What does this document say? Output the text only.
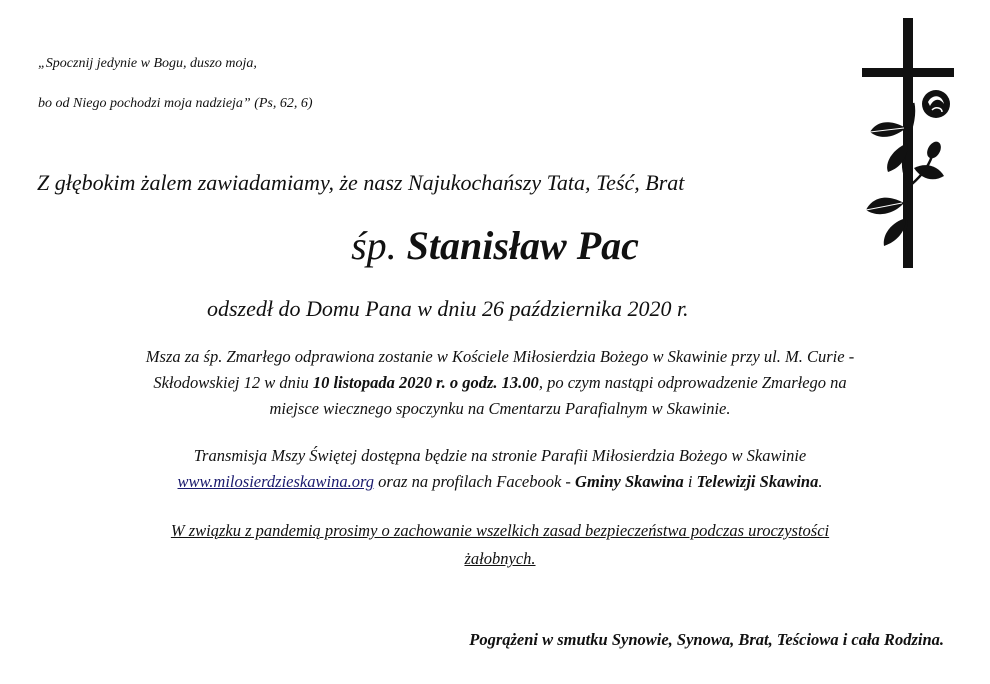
„Spocznij jedynie w Bogu, duszo moja,
bo od Niego pochodzi moja nadzieja” (Ps, 62, 6)
Z głębokim żalem zawiadamiamy, że nasz Najukochańszy Tata, Teść, Brat
śp. Stanisław Pac
odszedł do Domu Pana w dniu 26 października 2020 r.
Msza za śp. Zmarłego odprawiona zostanie w Kościele Miłosierdzia Bożego w Skawinie przy ul. M. Curie -
Skłodowskiej 12 w dniu 10 listopada 2020 r. o godz. 13.00, po czym nastąpi odprowadzenie Zmarłego na
miejsce wiecznego spoczynku na Cmentarzu Parafialnym w Skawinie.
Transmisja Mszy Świętej dostępna będzie na stronie Parafii Miłosierdzia Bożego w Skawinie
www.milosierdzieskawina.org oraz na profilach Facebook - Gminy Skawina i Telewizji Skawina.
W związku z pandemią prosimy o zachowanie wszelkich zasad bezpieczeństwa podczas uroczystości
żałobnych.
Pogrążeni w smutku Synowie, Synowa, Brat, Teściowa i cała Rodzina.
